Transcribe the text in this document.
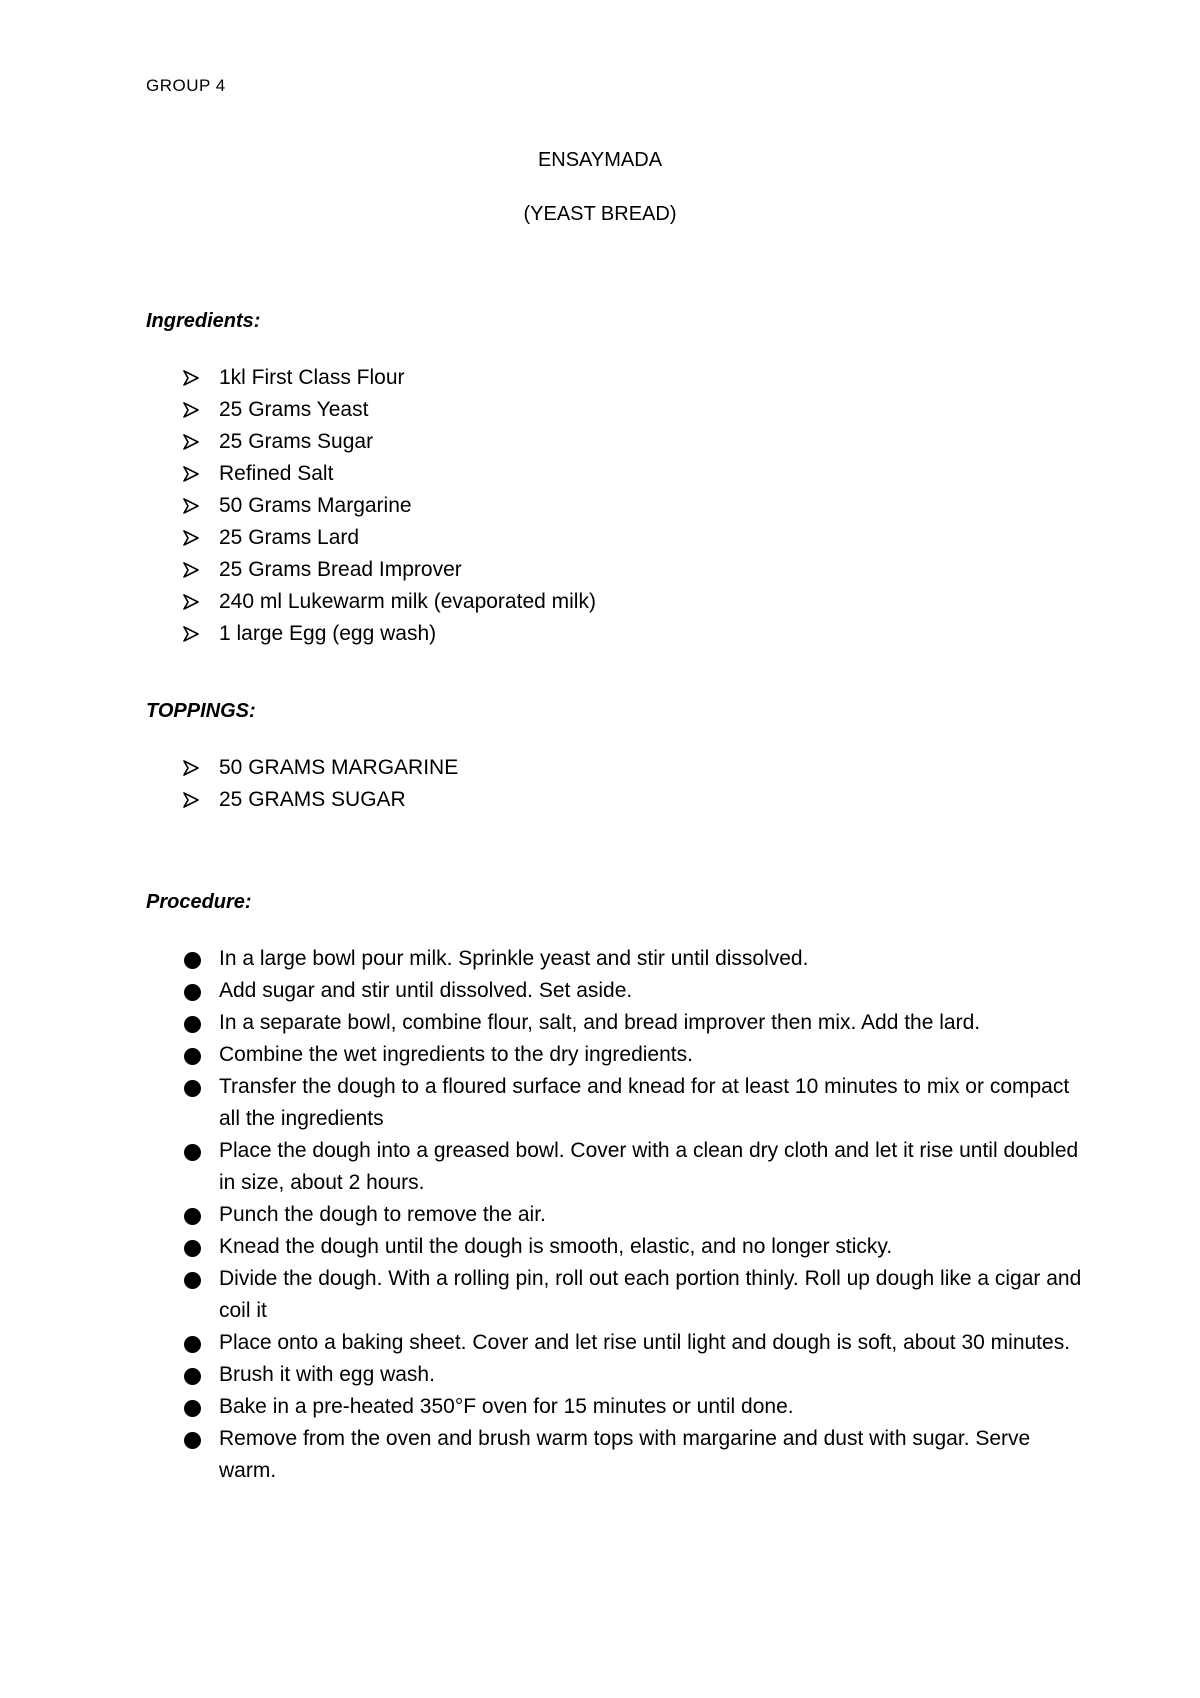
GROUP 4
ENSAYMADA
(YEAST BREAD)
Ingredients:
1kl First Class Flour
25 Grams Yeast
25 Grams Sugar
Refined Salt
50 Grams Margarine
25 Grams Lard
25 Grams Bread Improver
240 ml Lukewarm milk (evaporated milk)
1 large Egg (egg wash)
TOPPINGS:
50 GRAMS MARGARINE
25 GRAMS SUGAR
Procedure:
In a large bowl pour milk. Sprinkle yeast and stir until dissolved.
Add sugar and stir until dissolved. Set aside.
In a separate bowl, combine flour, salt, and bread improver then mix. Add the lard.
Combine the wet ingredients to the dry ingredients.
Transfer the dough to a floured surface and knead for at least 10 minutes to mix or compact all the ingredients
Place the dough into a greased bowl. Cover with a clean dry cloth and let it rise until doubled in size, about 2 hours.
Punch the dough to remove the air.
Knead the dough until the dough is smooth, elastic, and no longer sticky.
Divide the dough. With a rolling pin, roll out each portion thinly. Roll up dough like a cigar and coil it
Place onto a baking sheet. Cover and let rise until light and dough is soft, about 30 minutes.
Brush it with egg wash.
Bake in a pre-heated 350°F oven for 15 minutes or until done.
Remove from the oven and brush warm tops with margarine and dust with sugar. Serve warm.
